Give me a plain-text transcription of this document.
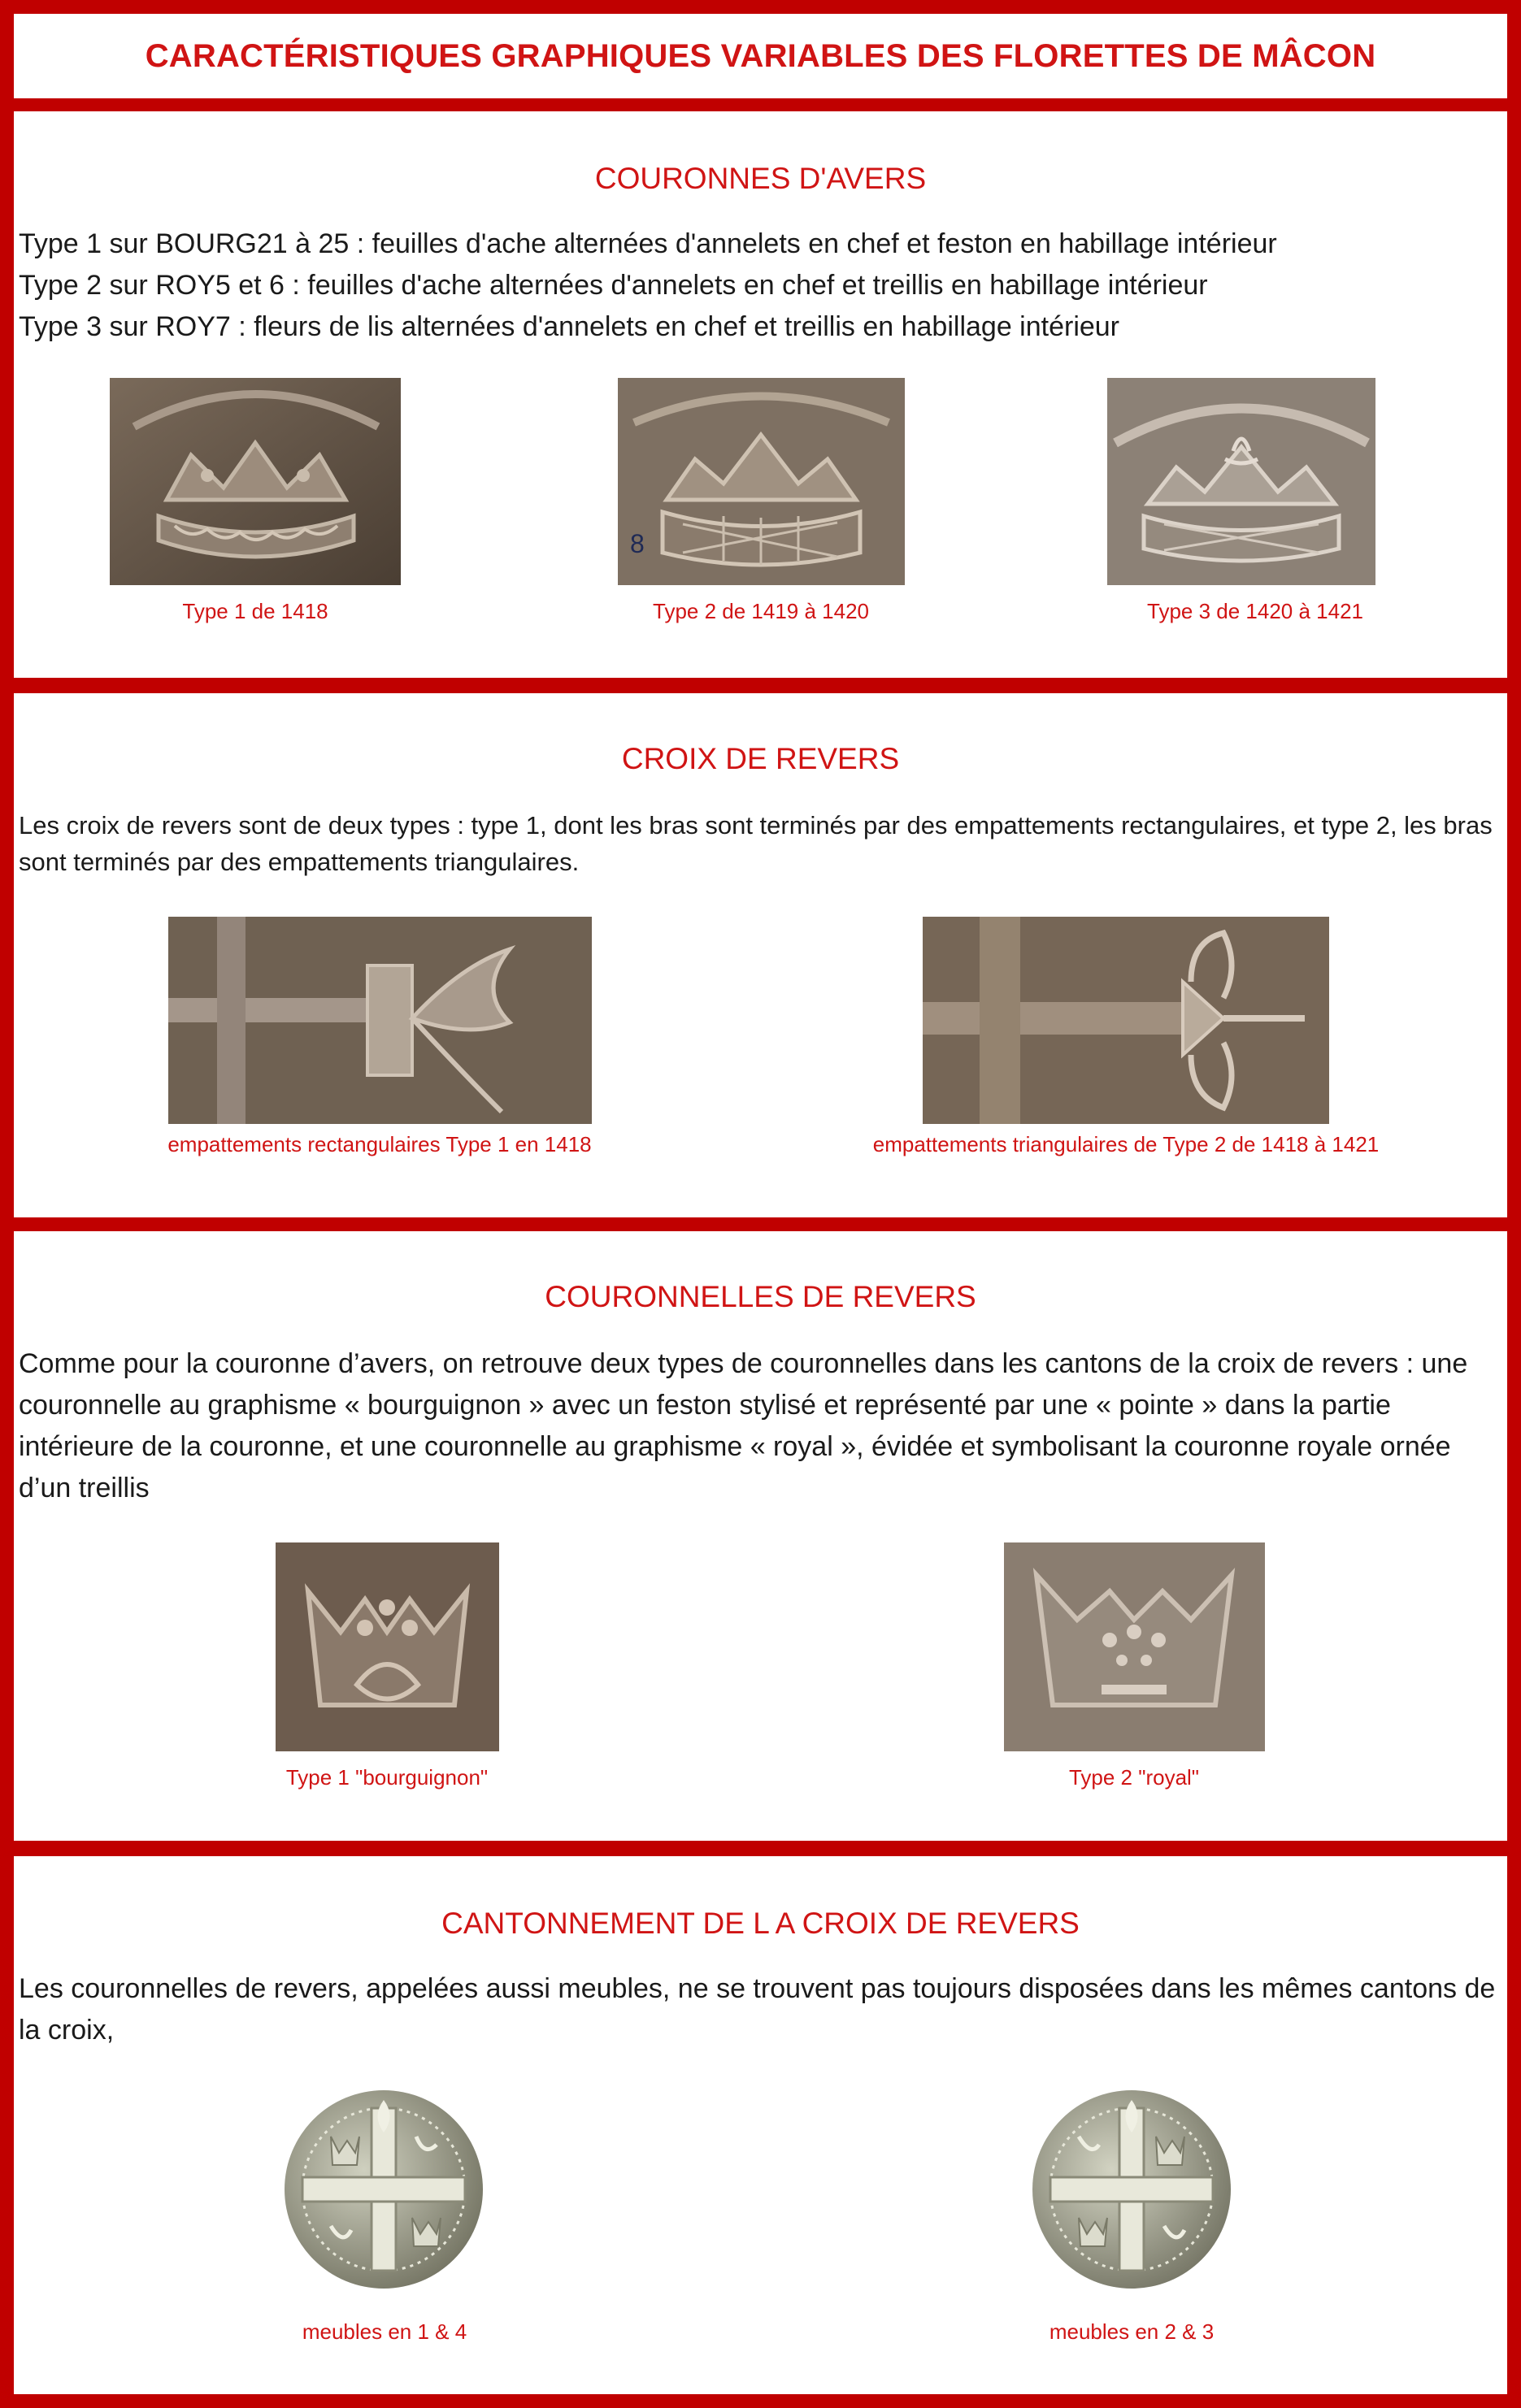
CARACTÉRISTIQUES GRAPHIQUES VARIABLES DES FLORETTES DE MÂCON
COURONNES D'AVERS

Type 1 sur BOURG21 à 25 : feuilles d'ache alternées d'annelets en chef et feston en habillage intérieur

Type 2 sur ROY5 et 6 : feuilles d'ache alternées d'annelets en chef et treillis en habillage intérieur

Type 3 sur ROY7 : fleurs de lis alternées d'annelets en chef et treillis en habillage intérieur

Type 1 de 1418
8
Type 2 de 1419 à 1420	Type 3 de 1420 à 1421
CROIX DE REVERS

Les croix de revers sont de deux types : type 1, dont les bras sont terminés par des empattements rectangulaires, et type 2, les bras sont terminés par des empattements triangulaires.

empattements rectangulaires Type 1 en 1418	empattements triangulaires de Type 2 de 1418 à 1421
COURONNELLES DE REVERS

Comme pour la couronne d’avers, on retrouve deux types de couronnelles dans les cantons de la croix de revers : une couronnelle au graphisme « bourguignon » avec un feston stylisé et représenté par une « pointe » dans la partie intérieure de la couronne, et une couronnelle au graphisme « royal », évidée et symbolisant la couronne royale ornée d’un treillis

Type 1 "bourguignon"	Type 2 "royal"
CANTONNEMENT DE L A CROIX DE REVERS

Les couronnelles de revers, appelées aussi meubles, ne se trouvent pas toujours disposées dans les mêmes cantons de la croix,

meubles en 1 & 4	meubles en 2 & 3
